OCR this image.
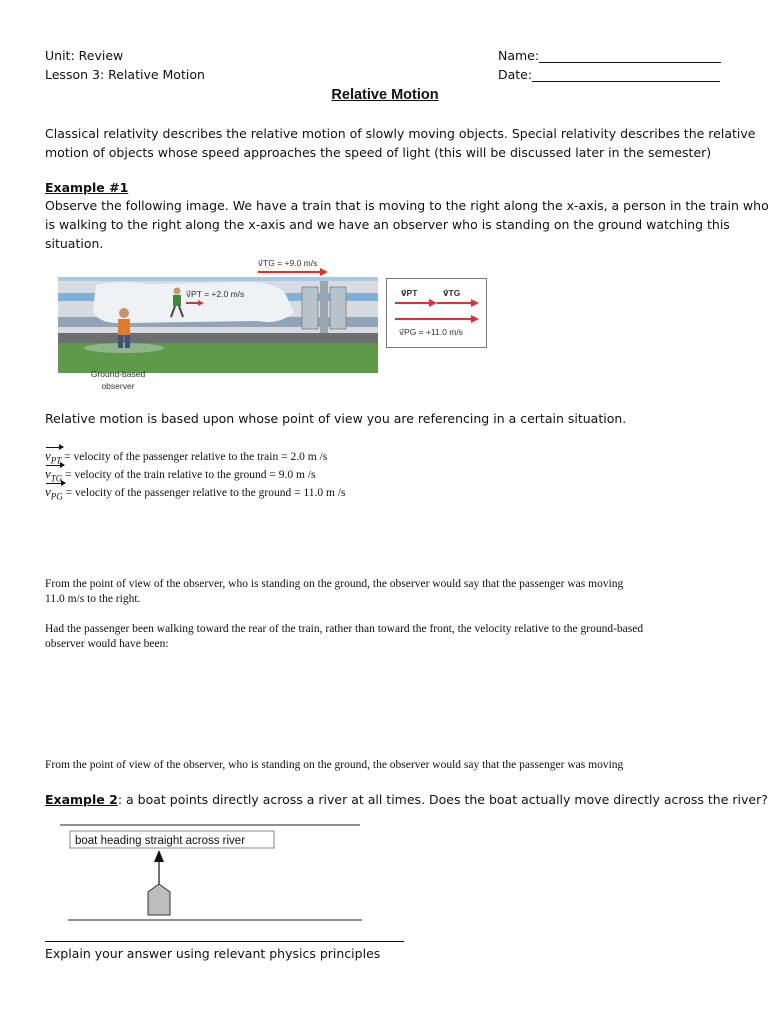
Unit: Review
Lesson 3: Relative Motion
Name:
Date:
Relative Motion
Classical relativity describes the relative motion of slowly moving objects. Special relativity describes the relative
motion of objects whose speed approaches the speed of light (this will be discussed later in the semester)
Example #1
Observe the following image. We have a train that is moving to the right along the x-axis, a person in the train who
is walking to the right along the x-axis and we have an observer who is standing on the ground watching this
situation.
v⃗TG = +9.0 m/s
v⃗PT = +2.0 m/s
Ground-based
observer
v⃗PT	v⃗TG
v⃗PG = +11.0 m/s
Relative motion is based upon whose point of view you are referencing in a certain situation.
$v_{PT}$ = velocity of the passenger relative to the train = 2.0 m /s
$v_{TG}$ = velocity of the train relative to the ground = 9.0 m /s
$v_{PG}$ = velocity of the passenger relative to the ground = 11.0 m /s
From the point of view of the observer, who is standing on the ground, the observer would say that the passenger was moving
11.0 m/s to the right.
Had the passenger been walking toward the rear of the train, rather than toward the front, the velocity relative to the ground-based
observer would have been:
From the point of view of the observer, who is standing on the ground, the observer would say that the passenger was moving
Example 2: a boat points directly across a river at all times. Does the boat actually move directly across the river?
boat heading straight across river
Explain your answer using relevant physics principles
